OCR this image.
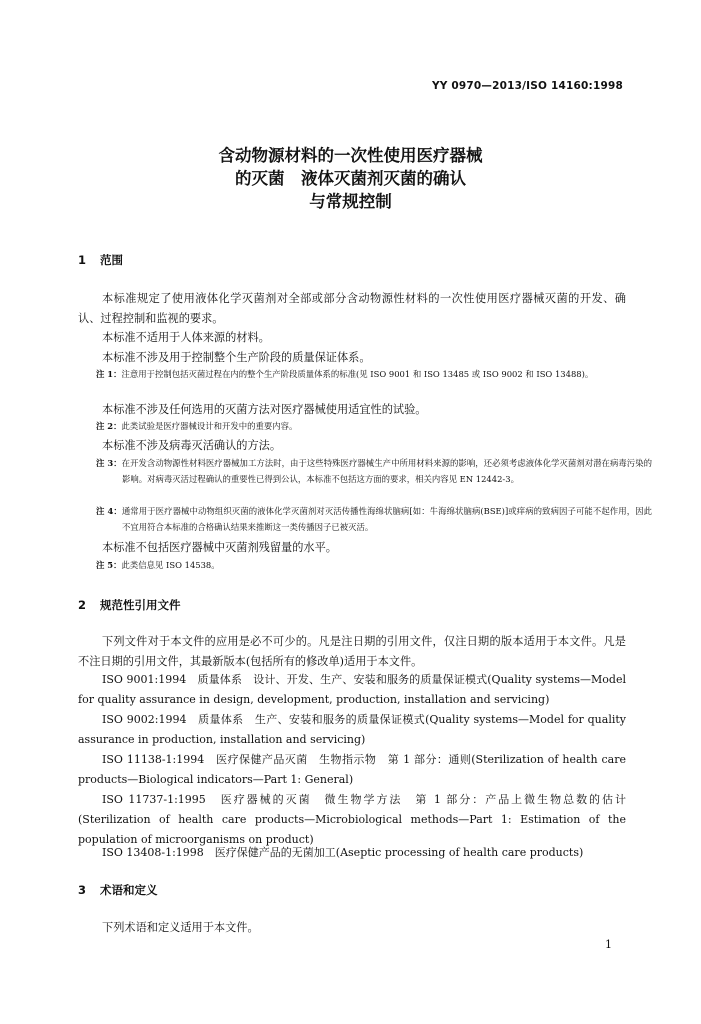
YY 0970—2013/ISO 14160:1998
含动物源材料的一次性使用医疗器械
的灭菌　液体灭菌剂灭菌的确认
与常规控制
1 范围
本标准规定了使用液体化学灭菌剂对全部或部分含动物源性材料的一次性使用医疗器械灭菌的开发、确认、过程控制和监视的要求。
本标准不适用于人体来源的材料。
本标准不涉及用于控制整个生产阶段的质量保证体系。
注 1：注意用于控制包括灭菌过程在内的整个生产阶段质量体系的标准(见 ISO 9001 和 ISO 13485 或 ISO 9002 和 ISO 13488)。
本标准不涉及任何选用的灭菌方法对医疗器械使用适宜性的试验。
注 2：此类试验是医疗器械设计和开发中的重要内容。
本标准不涉及病毒灭活确认的方法。
注 3：在开发含动物源性材料医疗器械加工方法时，由于这些特殊医疗器械生产中所用材料来源的影响，还必须考虑液体化学灭菌剂对潜在病毒污染的影响。对病毒灭活过程确认的重要性已得到公认，本标准不包括这方面的要求，相关内容见 EN 12442-3。
注 4：通常用于医疗器械中动物组织灭菌的液体化学灭菌剂对灭活传播性海绵状脑病[如：牛海绵状脑病(BSE)]或痒病的致病因子可能不起作用，因此不宜用符合本标准的合格确认结果来推断这一类传播因子已被灭活。
本标准不包括医疗器械中灭菌剂残留量的水平。
注 5：此类信息见 ISO 14538。
2 规范性引用文件
下列文件对于本文件的应用是必不可少的。凡是注日期的引用文件，仅注日期的版本适用于本文件。凡是不注日期的引用文件，其最新版本(包括所有的修改单)适用于本文件。
ISO 9001:1994　质量体系　设计、开发、生产、安装和服务的质量保证模式(Quality systems—Model for quality assurance in design, development, production, installation and servicing)
ISO 9002:1994　质量体系　生产、安装和服务的质量保证模式(Quality systems—Model for quality assurance in production, installation and servicing)
ISO 11138-1:1994　医疗保健产品灭菌　生物指示物　第 1 部分：通则(Sterilization of health care products—Biological indicators—Part 1: General)
ISO 11737-1:1995　医疗器械的灭菌　微生物学方法　第 1 部分：产品上微生物总数的估计(Sterilization of health care products—Microbiological methods—Part 1: Estimation of the population of microorganisms on product)
ISO 13408-1:1998　医疗保健产品的无菌加工(Aseptic processing of health care products)
3 术语和定义
下列术语和定义适用于本文件。
1
